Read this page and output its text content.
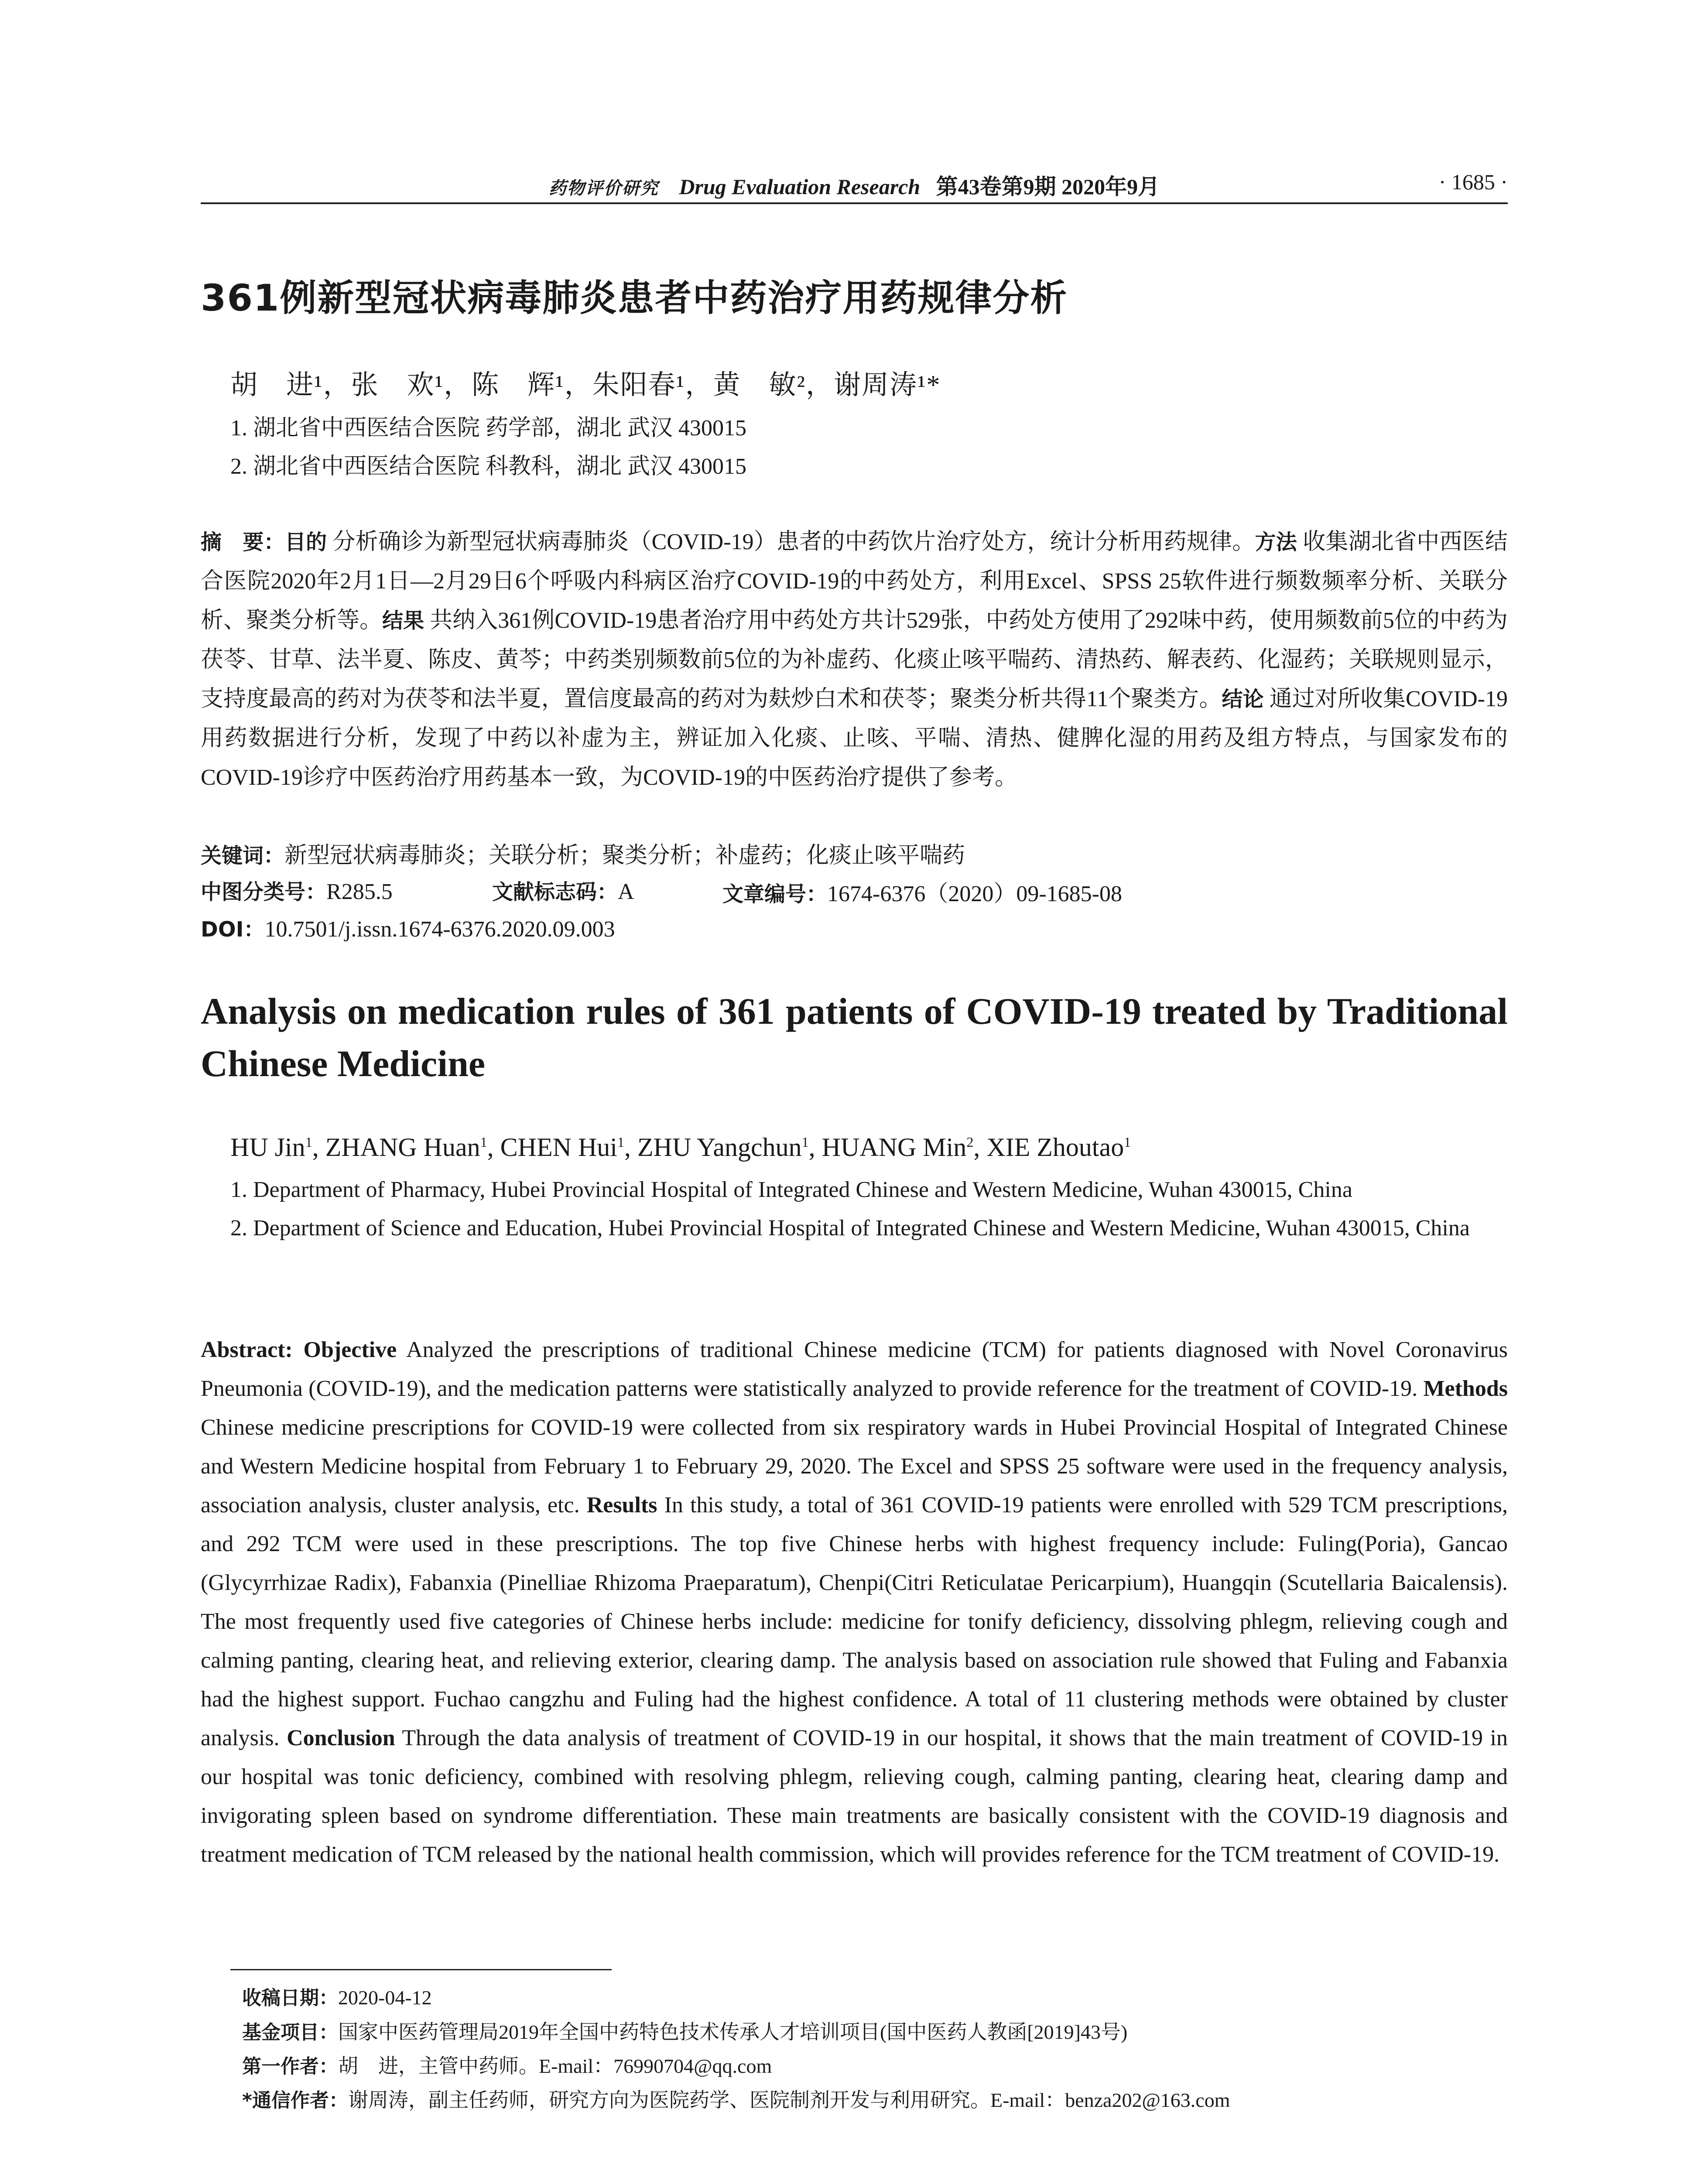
药物评价研究 Drug Evaluation Research 第43卷第9期 2020年9月	· 1685 ·
361例新型冠状病毒肺炎患者中药治疗用药规律分析
胡　进¹，张　欢¹，陈　辉¹，朱阳春¹，黄　敏²，谢周涛¹*
1. 湖北省中西医结合医院 药学部，湖北 武汉 430015
2. 湖北省中西医结合医院 科教科，湖北 武汉 430015
摘　要：目的 分析确诊为新型冠状病毒肺炎（COVID-19）患者的中药饮片治疗处方，统计分析用药规律。方法 收集湖北省中西医结合医院2020年2月1日—2月29日6个呼吸内科病区治疗COVID-19的中药处方，利用Excel、SPSS 25软件进行频数频率分析、关联分析、聚类分析等。结果 共纳入361例COVID-19患者治疗用中药处方共计529张，中药处方使用了292味中药，使用频数前5位的中药为茯苓、甘草、法半夏、陈皮、黄芩；中药类别频数前5位的为补虚药、化痰止咳平喘药、清热药、解表药、化湿药；关联规则显示，支持度最高的药对为茯苓和法半夏，置信度最高的药对为麸炒白术和茯苓；聚类分析共得11个聚类方。结论 通过对所收集COVID-19用药数据进行分析，发现了中药以补虚为主，辨证加入化痰、止咳、平喘、清热、健脾化湿的用药及组方特点，与国家发布的COVID-19诊疗中医药治疗用药基本一致，为COVID-19的中医药治疗提供了参考。
关键词：新型冠状病毒肺炎；关联分析；聚类分析；补虚药；化痰止咳平喘药
中图分类号：R285.5	文献标志码：A	文章编号：1674-6376（2020）09-1685-08
DOI：10.7501/j.issn.1674-6376.2020.09.003
Analysis on medication rules of 361 patients of COVID-19 treated by Traditional Chinese Medicine
HU Jin$^1$, ZHANG Huan$^1$, CHEN Hui$^1$, ZHU Yangchun$^1$, HUANG Min$^2$, XIE Zhoutao$^1$
1. Department of Pharmacy, Hubei Provincial Hospital of Integrated Chinese and Western Medicine, Wuhan 430015, China
2. Department of Science and Education, Hubei Provincial Hospital of Integrated Chinese and Western Medicine, Wuhan 430015, China
Abstract: Objective Analyzed the prescriptions of traditional Chinese medicine (TCM) for patients diagnosed with Novel Coronavirus Pneumonia (COVID-19), and the medication patterns were statistically analyzed to provide reference for the treatment of COVID-19. Methods Chinese medicine prescriptions for COVID-19 were collected from six respiratory wards in Hubei Provincial Hospital of Integrated Chinese and Western Medicine hospital from February 1 to February 29, 2020. The Excel and SPSS 25 software were used in the frequency analysis, association analysis, cluster analysis, etc. Results In this study, a total of 361 COVID-19 patients were enrolled with 529 TCM prescriptions, and 292 TCM were used in these prescriptions. The top five Chinese herbs with highest frequency include: Fuling(Poria), Gancao (Glycyrrhizae Radix), Fabanxia (Pinelliae Rhizoma Praeparatum), Chenpi(Citri Reticulatae Pericarpium), Huangqin (Scutellaria Baicalensis). The most frequently used five categories of Chinese herbs include: medicine for tonify deficiency, dissolving phlegm, relieving cough and calming panting, clearing heat, and relieving exterior, clearing damp. The analysis based on association rule showed that Fuling and Fabanxia had the highest support. Fuchao cangzhu and Fuling had the highest confidence. A total of 11 clustering methods were obtained by cluster analysis. Conclusion Through the data analysis of treatment of COVID-19 in our hospital, it shows that the main treatment of COVID-19 in our hospital was tonic deficiency, combined with resolving phlegm, relieving cough, calming panting, clearing heat, clearing damp and invigorating spleen based on syndrome differentiation. These main treatments are basically consistent with the COVID-19 diagnosis and treatment medication of TCM released by the national health commission, which will provides reference for the TCM treatment of COVID-19.
收稿日期：2020-04-12
基金项目：国家中医药管理局2019年全国中药特色技术传承人才培训项目(国中医药人教函[2019]43号)
第一作者：胡　进，主管中药师。E-mail：76990704@qq.com
*通信作者：谢周涛，副主任药师，研究方向为医院药学、医院制剂开发与利用研究。E-mail：benza202@163.com
